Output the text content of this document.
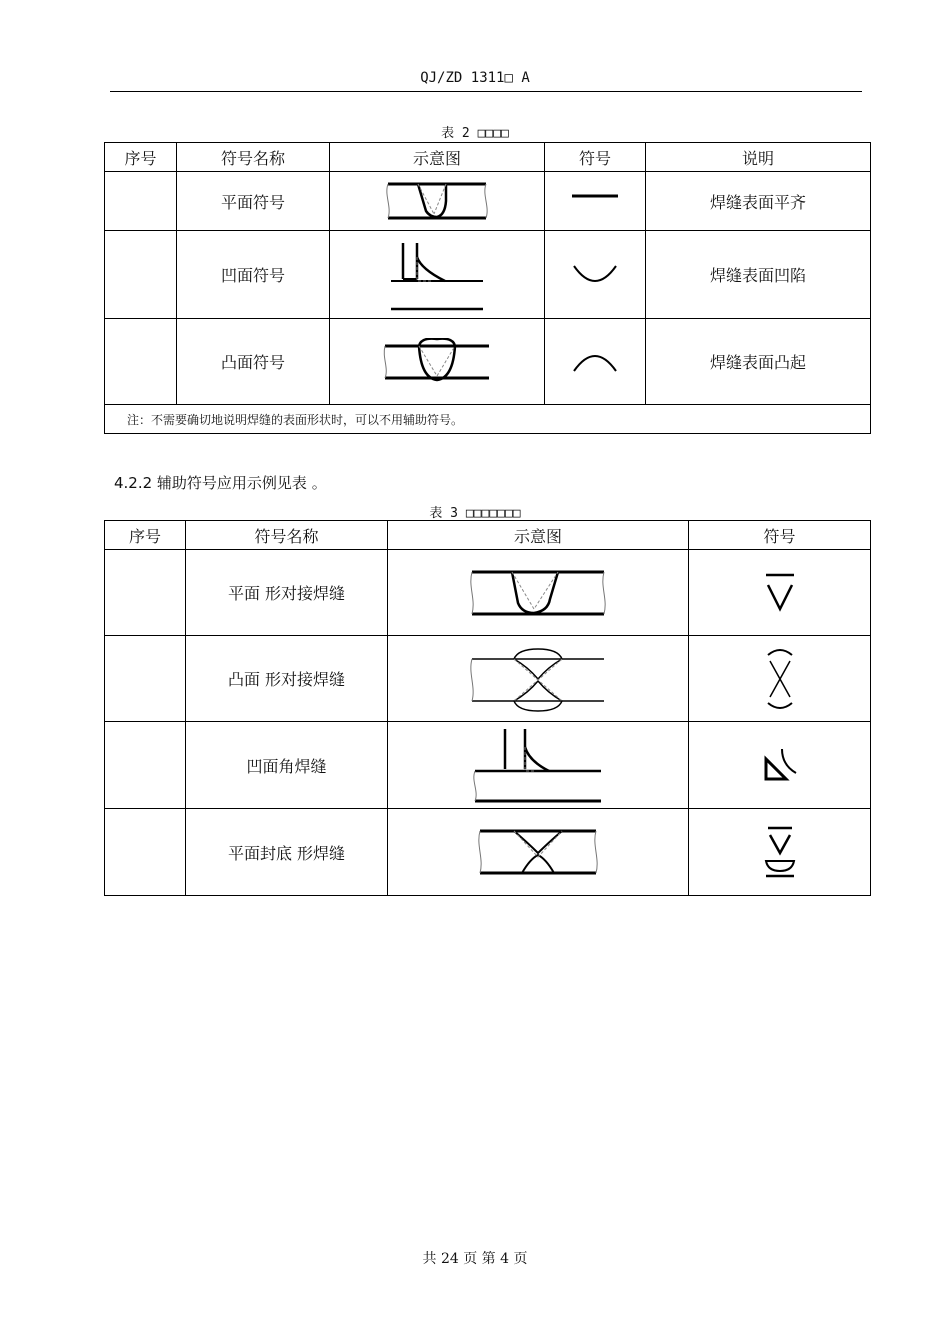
QJ/ZD 1311□ A
表 2 □□□□
序号	符号名称	示意图	符号	说明
	平面符号			焊缝表面平齐
	凹面符号			焊缝表面凹陷
	凸面符号			焊缝表面凸起
注：不需要确切地说明焊缝的表面形状时，可以不用辅助符号。				
4.2.2 辅助符号应用示例见表 。
表 3 □□□□□□□
序号	符号名称	示意图	符号
	平面 形对接焊缝	

	凸面 形对接焊缝	

	凹面角焊缝	

	平面封底 形焊缝	

共 24 页 第 4 页
